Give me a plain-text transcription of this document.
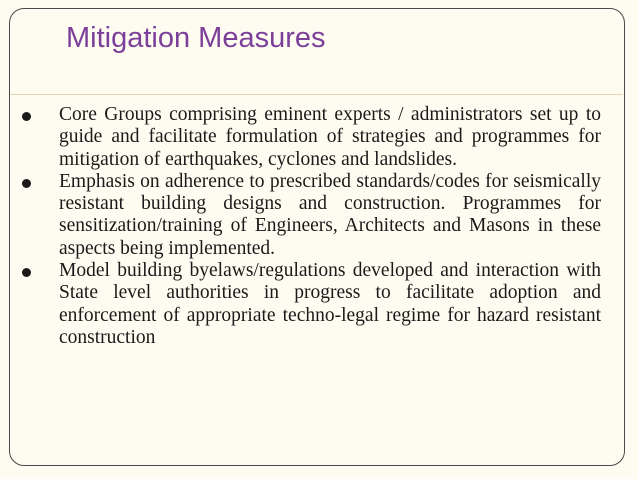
Mitigation Measures
Core Groups comprising eminent experts / administrators set up to guide and facilitate formulation of strategies and programmes for mitigation of earthquakes, cyclones and landslides.
Emphasis on adherence to prescribed standards/codes for seismically resistant building designs and construction. Programmes for sensitization/training of Engineers, Architects and Masons in these aspects being implemented.
Model building byelaws/regulations developed and interaction with State level authorities in progress to facilitate adoption and enforcement of appropriate techno-legal regime for hazard resistant construction
